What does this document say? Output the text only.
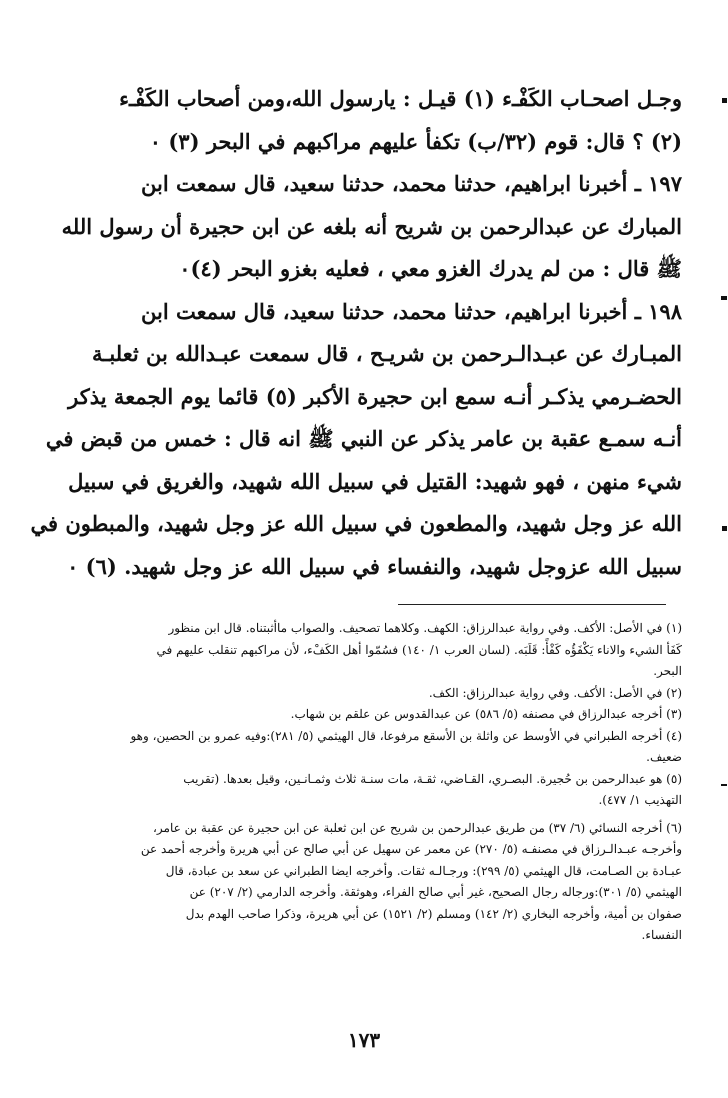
وجـل اصحـاب الكَفْـء (١) قيـل : يارسول الله،ومن أصحاب الكَفْـء
(٢) ؟ قال: قوم (٣٢/ب) تكفأ عليهم مراكبهم في البحر (٣) ٠
١٩٧ ـ أخبرنا ابراهيم، حدثنا محمد، حدثنا سعيد، قال سمعت ابن
المبارك عن عبدالرحمن بن شريح أنه بلغه عن ابن حجيرة أن رسول الله
ﷺ قال : من لم يدرك الغزو معي ، فعليه بغزو البحر (٤)٠
١٩٨ ـ أخبرنا ابراهيم، حدثنا محمد، حدثنا سعيد، قال سمعت ابن
المبـارك عن عبـدالـرحمن بن شريـح ، قال سمعت عبـدالله بن ثعلبـة
الحضـرمي يذكـر أنـه سمع ابن حجيرة الأكبر (٥) قائما يوم الجمعة يذكر
أنـه سمـع عقبة بن عامر يذكر عن النبي ﷺ انه قال : خمس من قبض في
شيء منهن ، فهو شهيد: القتيل في سبيل الله شهيد، والغريق في سبيل
الله عز وجل شهيد، والمطعون في سبيل الله عز وجل شهيد، والمبطون في
سبيل الله عزوجل شهيد، والنفساء في سبيل الله عز وجل شهيد. (٦) ٠
(١) في الأصل: الأكف. وفي رواية عبدالرزاق: الكهف. وكلاهما تصحيف. والصواب ماأثبتناه. قال ابن منظور
كَفَأ الشيء والاناء يَكْفَؤُه كَفْأً: قَلَبَه. (لسان العرب ١/ ١٤٠) فسُمّوا أهل الكَفْء، لأن مراكبهم تنقلب عليهم في
البحر.
(٢) في الأصل: الأكف. وفي رواية عبدالرزاق: الكف.
(٣) أخرجه عبدالرزاق في مصنفه (٥/ ٥٨٦) عن عبدالقدوس عن علقم بن شهاب.
(٤) أخرجه الطبراني في الأوسط عن واثلة بن الأسقع مرفوعا، قال الهيثمي (٥/ ٢٨١):وفيه عمرو بن الحصين، وهو
ضعيف.
(٥) هو عبدالرحمن بن حُجيرة. البصـري، القـاضي، ثقـة، مات سنـة ثلاث وثمـانـين، وقيل بعدها. (تقريب
التهذيب ١/ ٤٧٧).
(٦) أخرجه النسائي (٦/ ٣٧) من طريق عبدالرحمن بن شريح عن ابن ثعلبة عن ابن حجيرة عن عقبة بن عامر،
وأخرجـه عبـدالـرزاق في مصنفـه (٥/ ٢٧٠) عن معمر عن سهيل عن أبي صالح عن أبي هريرة وأخرجه أحمد عن
عبـادة بن الصـامت، قال الهيثمي (٥/ ٢٩٩): ورجـالـه ثقات. وأخرجه ايضا الطبراني عن سعد بن عبادة، قال
الهيثمي (٥/ ٣٠١):ورجاله رجال الصحيح، غير أبي صالح الفراء، وهوثقة. وأخرجه الدارمي (٢/ ٢٠٧) عن
صفوان بن أمية، وأخرجه البخاري (٢/ ١٤٢) ومسلم (٢/ ١٥٢١) عن أبي هريرة، وذكرا صاحب الهدم بدل
النفساء.
١٧٣
